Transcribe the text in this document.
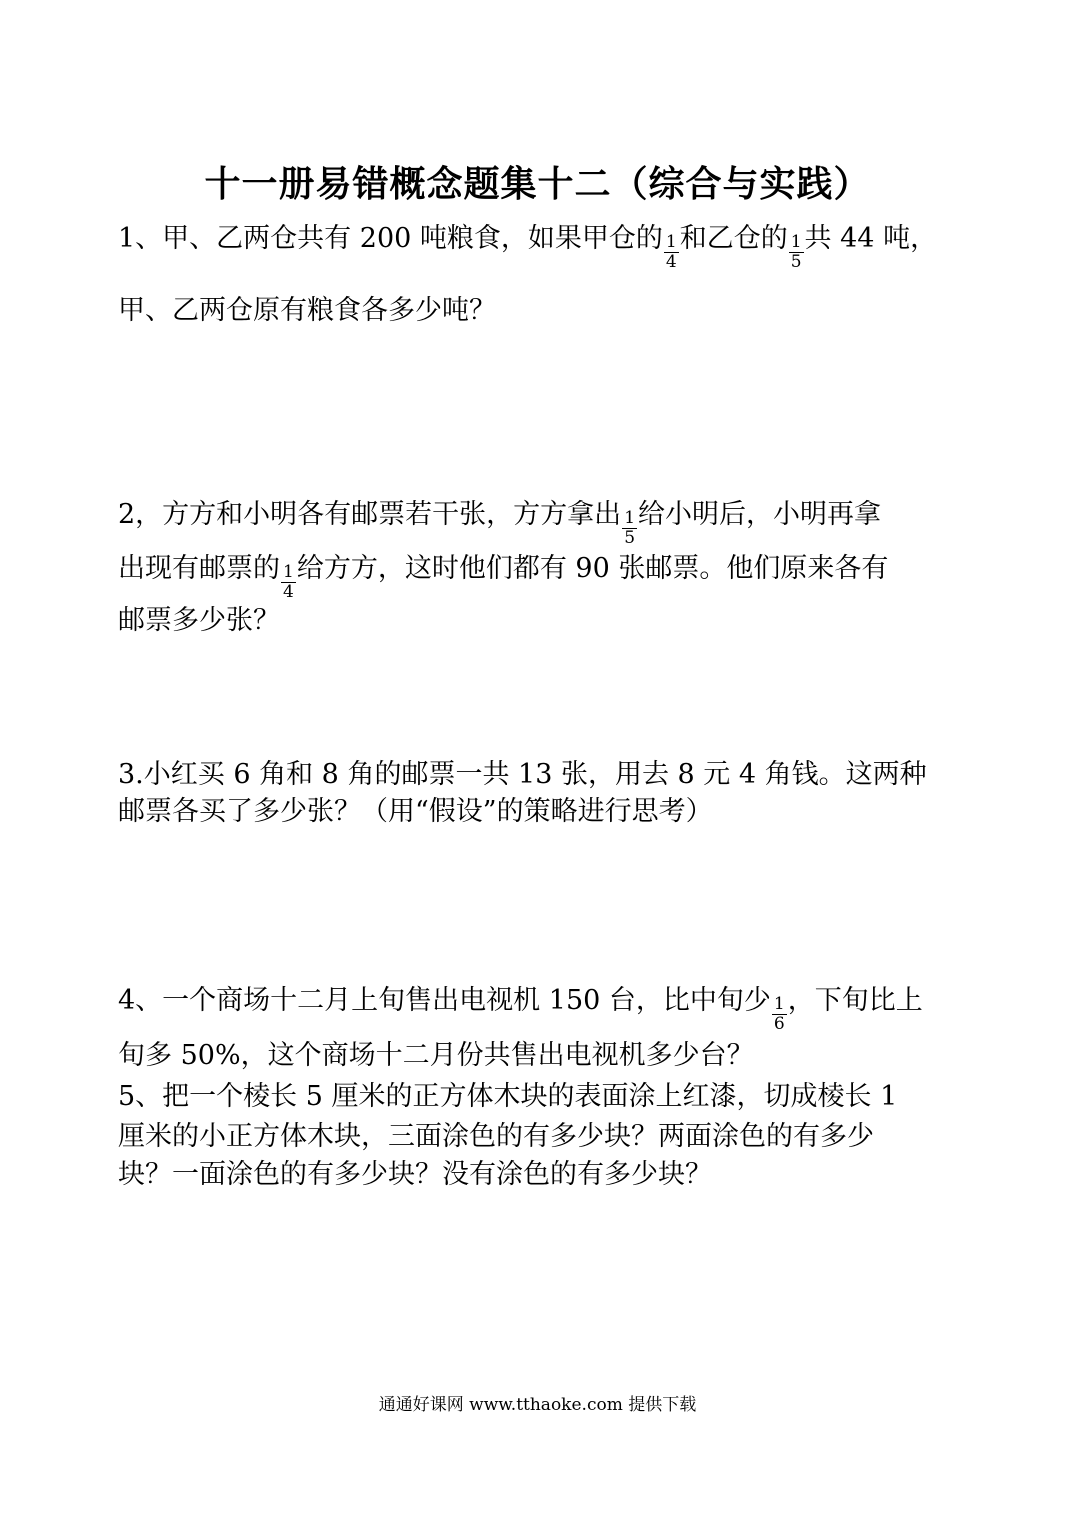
十一册易错概念题集十二（综合与实践）
1、甲、乙两仓共有 200 吨粮食，如果甲仓的 $\frac{1}{4}$ 和乙仓的 $\frac{1}{5}$ 共 44 吨，
甲、乙两仓原有粮食各多少吨？
2，方方和小明各有邮票若干张，方方拿出 $\frac{1}{5}$ 给小明后，小明再拿
出现有邮票的 $\frac{1}{4}$ 给方方，这时他们都有 90 张邮票。他们原来各有
邮票多少张？
3.小红买 6 角和 8 角的邮票一共 13 张，用去 8 元 4 角钱。这两种
邮票各买了多少张？（用“假设”的策略进行思考）
4、一个商场十二月上旬售出电视机 150 台，比中旬少 $\frac{1}{6}$ ，下旬比上
旬多 50%，这个商场十二月份共售出电视机多少台？
5、把一个棱长 5 厘米的正方体木块的表面涂上红漆，切成棱长 1
厘米的小正方体木块，三面涂色的有多少块？两面涂色的有多少
块？一面涂色的有多少块？没有涂色的有多少块？
通通好课网 www.tthaoke.com 提供下载
